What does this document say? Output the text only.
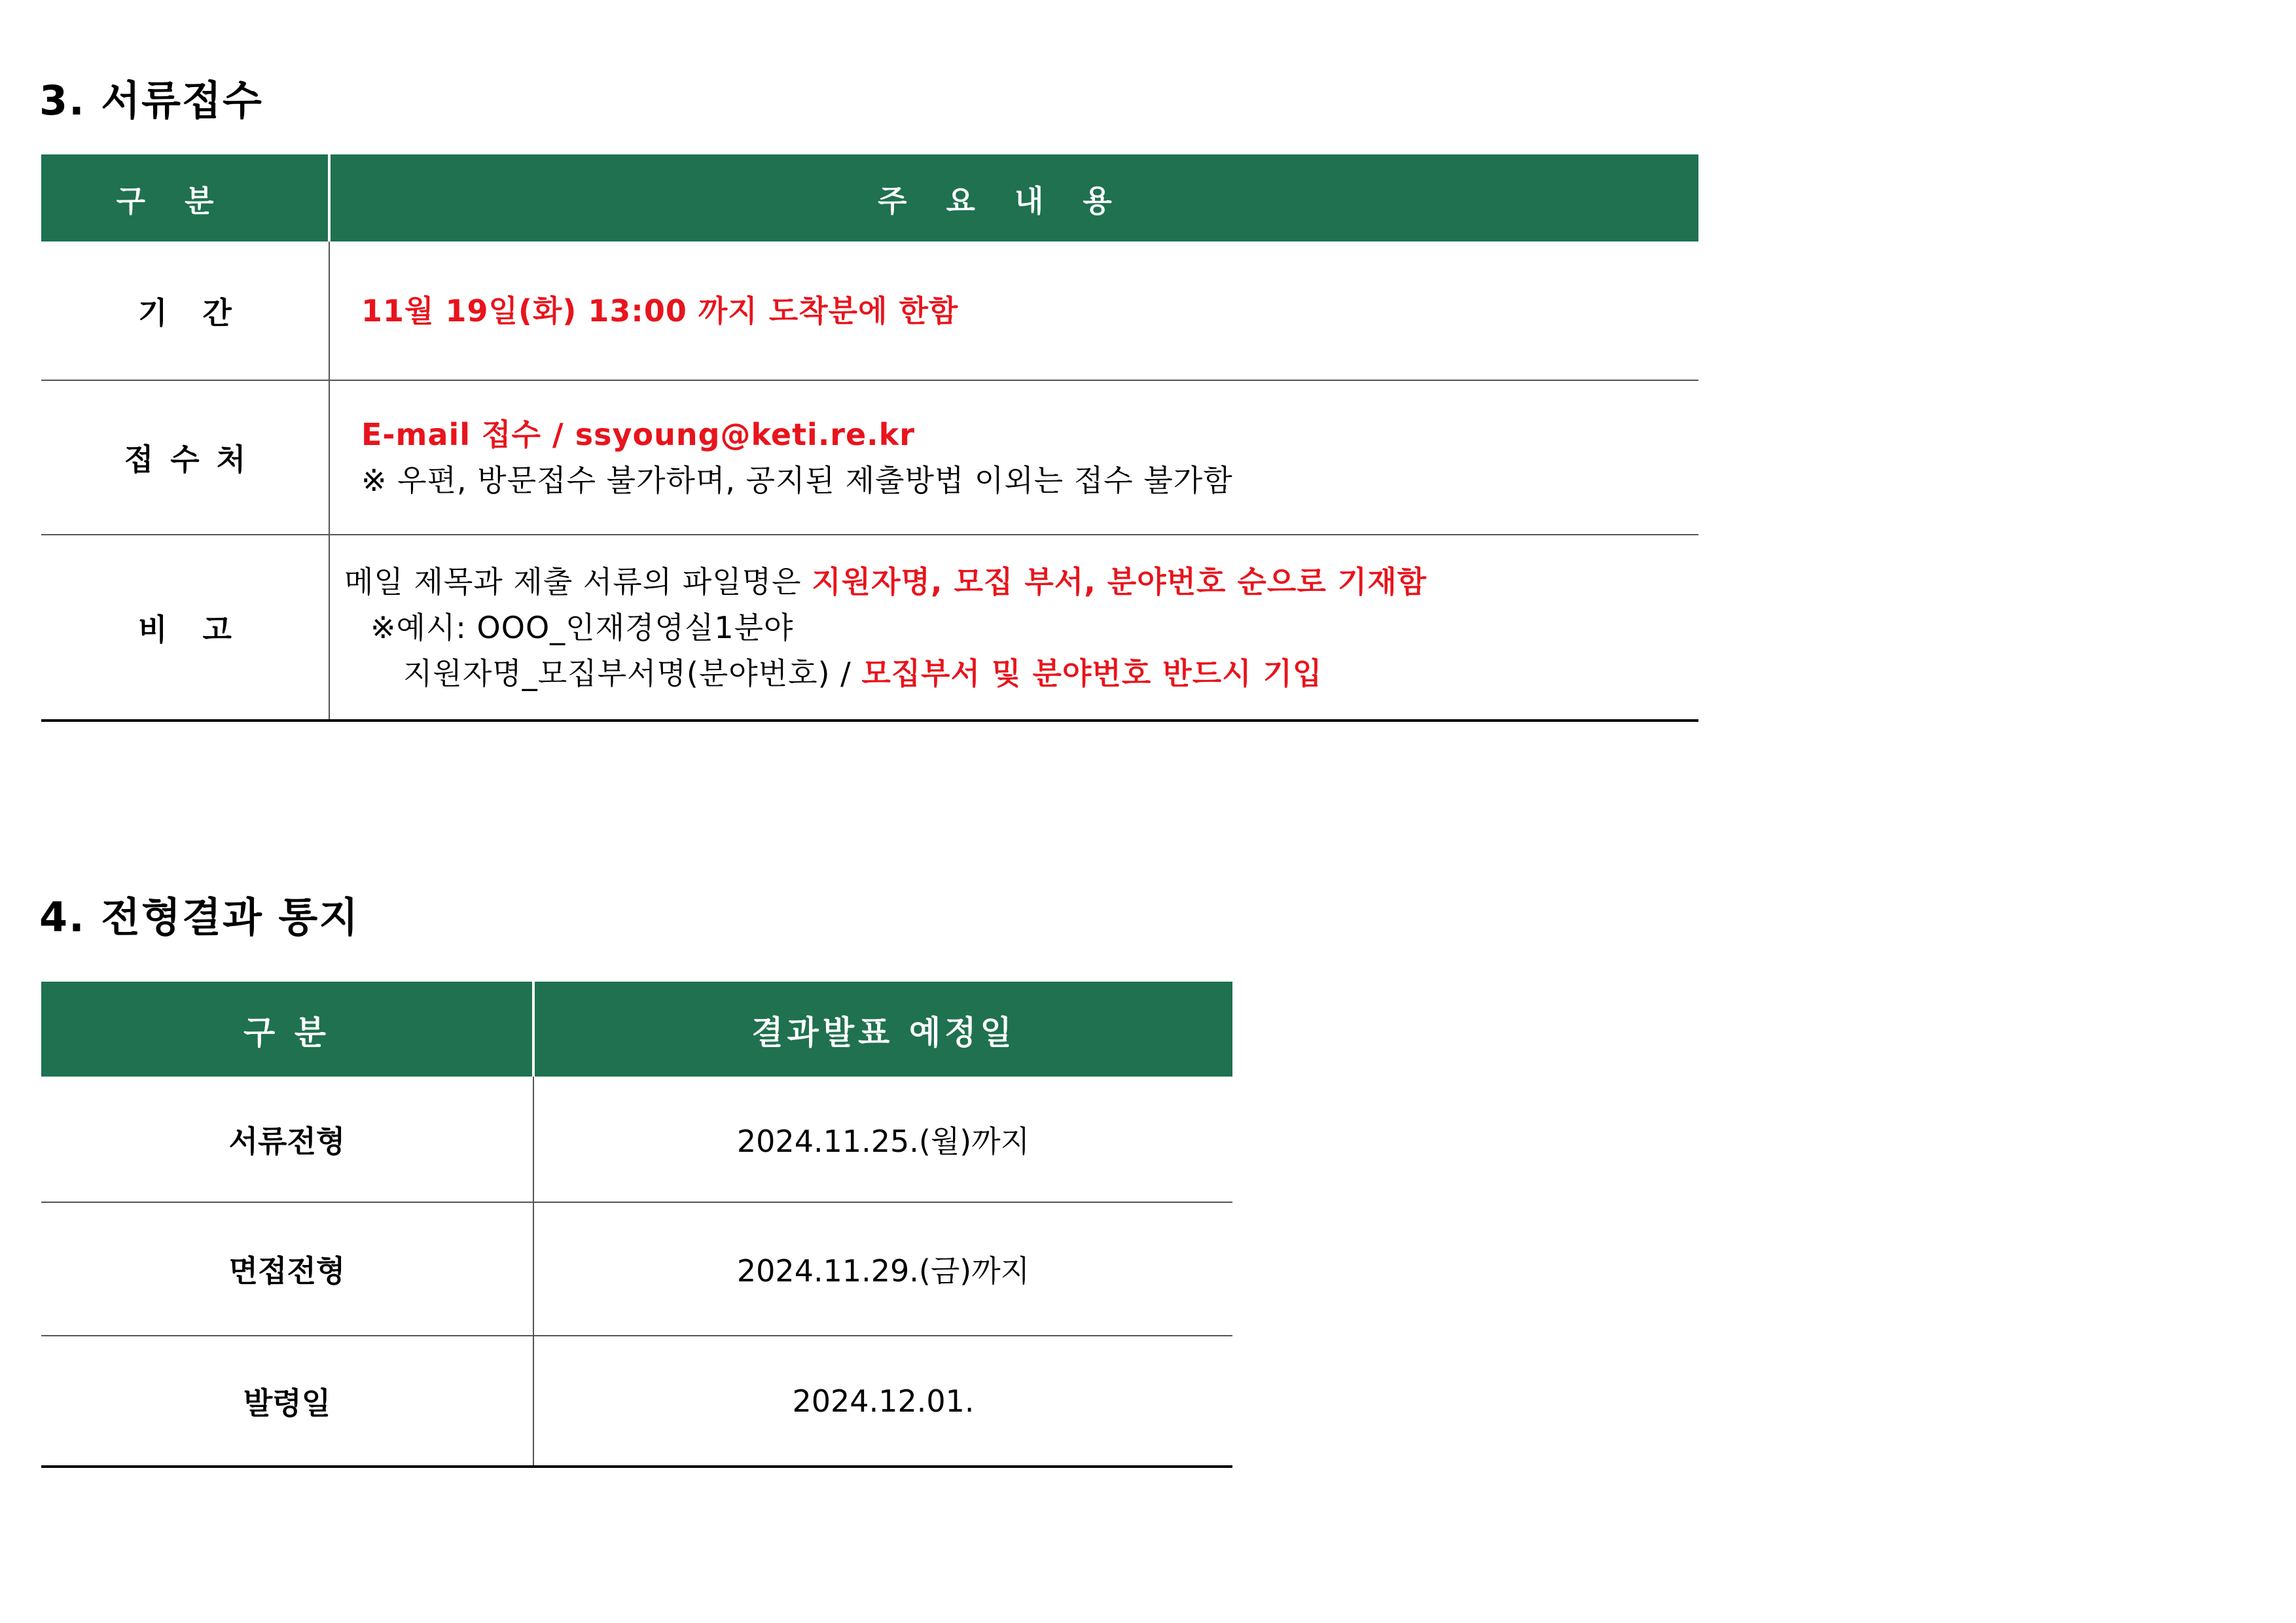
3. 서류접수
구분	주요내용
기간	11월 19일(화) 13:00 까지 도착분에 한함
접수처	E-mail 접수 / ssyoung@keti.re.kr
※ 우편, 방문접수 불가하며, 공지된 제출방법 이외는 접수 불가함

비고	메일 제목과 제출 서류의 파일명은 지원자명, 모집 부서, 분야번호 순으로 기재함
※예시: OOO_인재경영실1분야
지원자명_모집부서명(분야번호) / 모집부서 및 분야번호 반드시 기입
4. 전형결과 통지
구 분	결과발표 예정일
서류전형	2024.11.25.(월)까지
면접전형	2024.11.29.(금)까지
발령일	2024.12.01.
